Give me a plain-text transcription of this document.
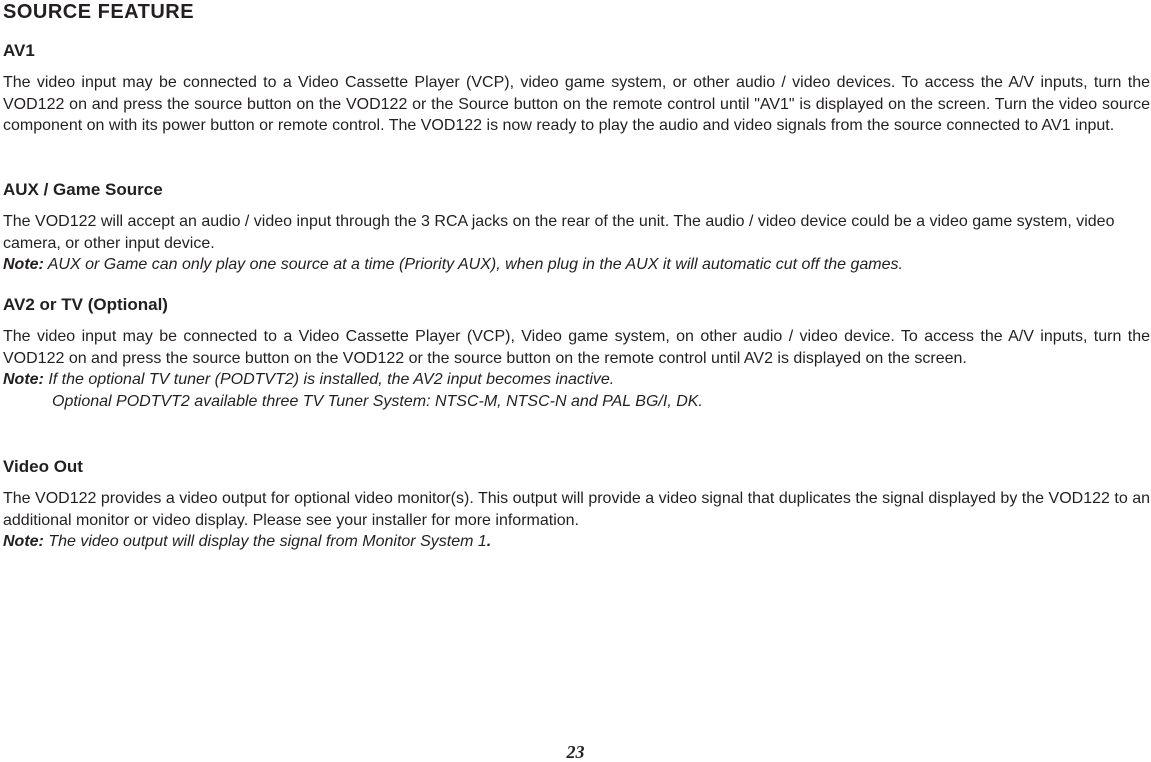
SOURCE FEATURE
AV1

The video input may be connected to a Video Cassette Player (VCP), video game system, or other audio / video devices. To access the A/V inputs, turn the VOD122 on and press the source button on the VOD122 or the Source button on the remote control until "AV1" is displayed on the screen. Turn the video source component on with its power button or remote control. The VOD122 is now ready to play the audio and video signals from the source connected to AV1 input.

AUX / Game Source

The VOD122 will accept an audio / video input through the 3 RCA jacks on the rear of the unit. The audio / video device could be a video game system, video camera, or other input device.

Note: AUX or Game can only play one source at a time (Priority AUX), when plug in the AUX it will automatic cut off the games.

AV2 or TV (Optional)

The video input may be connected to a Video Cassette Player (VCP), Video game system, on other audio / video device. To access the A/V inputs, turn the VOD122 on and press the source button on the VOD122 or the source button on the remote control until AV2 is displayed on the screen.

Note: If the optional TV tuner (PODTVT2) is installed, the AV2 input becomes inactive.
Optional PODTVT2 available three TV Tuner System: NTSC-M, NTSC-N and PAL BG/I, DK.

Video Out

The VOD122 provides a video output for optional video monitor(s). This output will provide a video signal that duplicates the signal displayed by the VOD122 to an additional monitor or video display. Please see your installer for more information.

Note: The video output will display the signal from Monitor System 1.

23
